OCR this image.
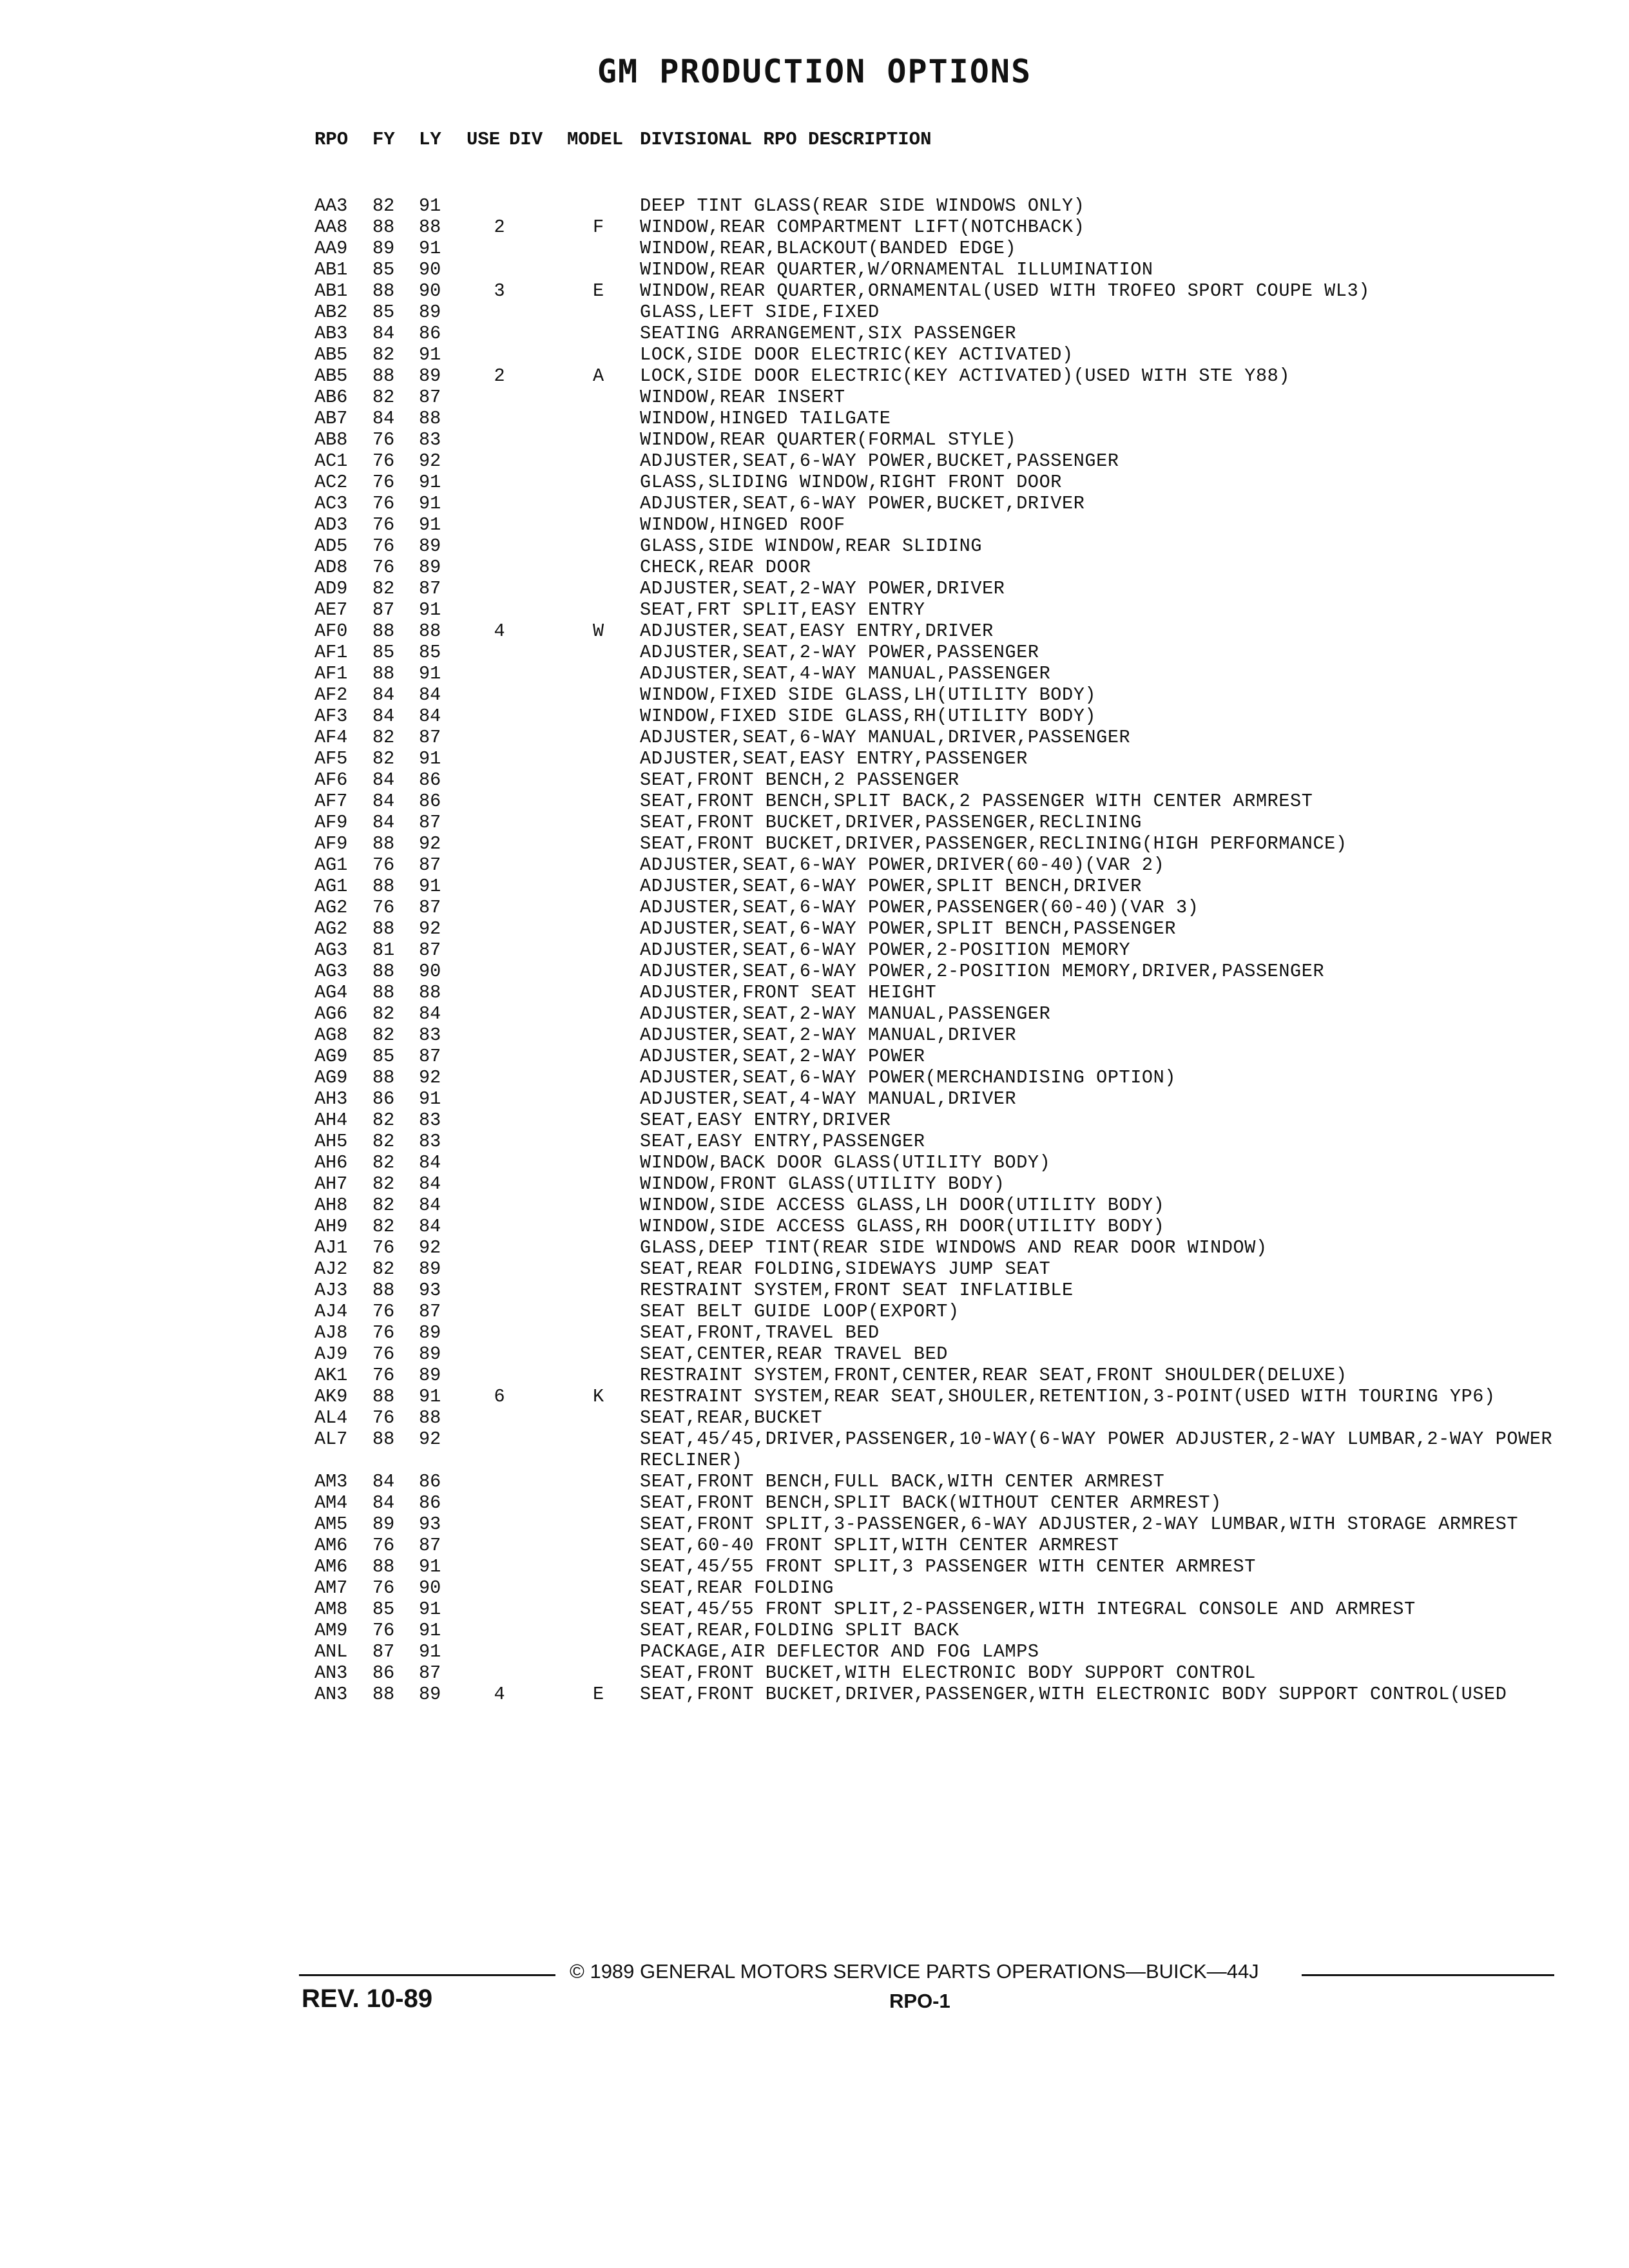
GM PRODUCTION OPTIONS
RPO FY LY USE DIV MODEL DIVISIONAL RPO DESCRIPTION
AA3 82 91	DEEP TINT GLASS(REAR SIDE WINDOWS ONLY)
AA8 88 88	2	F WINDOW,REAR COMPARTMENT LIFT(NOTCHBACK)
AA9 89 91	WINDOW,REAR,BLACKOUT(BANDED EDGE)
AB1 85 90	WINDOW,REAR QUARTER,W/ORNAMENTAL ILLUMINATION
AB1 88 90	3	E WINDOW,REAR QUARTER,ORNAMENTAL(USED WITH TROFEO SPORT COUPE WL3)
AB2 85 89	GLASS,LEFT SIDE,FIXED
AB3 84 86	SEATING ARRANGEMENT,SIX PASSENGER
AB5 82 91	LOCK,SIDE DOOR ELECTRIC(KEY ACTIVATED)
AB5 88 89	2	A LOCK,SIDE DOOR ELECTRIC(KEY ACTIVATED)(USED WITH STE Y88)
AB6 82 87	WINDOW,REAR INSERT
AB7 84 88	WINDOW,HINGED TAILGATE
AB8 76 83	WINDOW,REAR QUARTER(FORMAL STYLE)
AC1 76 92	ADJUSTER,SEAT,6-WAY POWER,BUCKET,PASSENGER
AC2 76 91	GLASS,SLIDING WINDOW,RIGHT FRONT DOOR
AC3 76 91	ADJUSTER,SEAT,6-WAY POWER,BUCKET,DRIVER
AD3 76 91	WINDOW,HINGED ROOF
AD5 76 89	GLASS,SIDE WINDOW,REAR SLIDING
AD8 76 89	CHECK,REAR DOOR
AD9 82 87	ADJUSTER,SEAT,2-WAY POWER,DRIVER
AE7 87 91	SEAT,FRT SPLIT,EASY ENTRY
AF0 88 88	4	W ADJUSTER,SEAT,EASY ENTRY,DRIVER
AF1 85 85	ADJUSTER,SEAT,2-WAY POWER,PASSENGER
AF1 88 91	ADJUSTER,SEAT,4-WAY MANUAL,PASSENGER
AF2 84 84	WINDOW,FIXED SIDE GLASS,LH(UTILITY BODY)
AF3 84 84	WINDOW,FIXED SIDE GLASS,RH(UTILITY BODY)
AF4 82 87	ADJUSTER,SEAT,6-WAY MANUAL,DRIVER,PASSENGER
AF5 82 91	ADJUSTER,SEAT,EASY ENTRY,PASSENGER
AF6 84 86	SEAT,FRONT BENCH,2 PASSENGER
AF7 84 86	SEAT,FRONT BENCH,SPLIT BACK,2 PASSENGER WITH CENTER ARMREST
AF9 84 87	SEAT,FRONT BUCKET,DRIVER,PASSENGER,RECLINING
AF9 88 92	SEAT,FRONT BUCKET,DRIVER,PASSENGER,RECLINING(HIGH PERFORMANCE)
AG1 76 87	ADJUSTER,SEAT,6-WAY POWER,DRIVER(60-40)(VAR 2)
AG1 88 91	ADJUSTER,SEAT,6-WAY POWER,SPLIT BENCH,DRIVER
AG2 76 87	ADJUSTER,SEAT,6-WAY POWER,PASSENGER(60-40)(VAR 3)
AG2 88 92	ADJUSTER,SEAT,6-WAY POWER,SPLIT BENCH,PASSENGER
AG3 81 87	ADJUSTER,SEAT,6-WAY POWER,2-POSITION MEMORY
AG3 88 90	ADJUSTER,SEAT,6-WAY POWER,2-POSITION MEMORY,DRIVER,PASSENGER
AG4 88 88	ADJUSTER,FRONT SEAT HEIGHT
AG6 82 84	ADJUSTER,SEAT,2-WAY MANUAL,PASSENGER
AG8 82 83	ADJUSTER,SEAT,2-WAY MANUAL,DRIVER
AG9 85 87	ADJUSTER,SEAT,2-WAY POWER
AG9 88 92	ADJUSTER,SEAT,6-WAY POWER(MERCHANDISING OPTION)
AH3 86 91	ADJUSTER,SEAT,4-WAY MANUAL,DRIVER
AH4 82 83	SEAT,EASY ENTRY,DRIVER
AH5 82 83	SEAT,EASY ENTRY,PASSENGER
AH6 82 84	WINDOW,BACK DOOR GLASS(UTILITY BODY)
AH7 82 84	WINDOW,FRONT GLASS(UTILITY BODY)
AH8 82 84	WINDOW,SIDE ACCESS GLASS,LH DOOR(UTILITY BODY)
AH9 82 84	WINDOW,SIDE ACCESS GLASS,RH DOOR(UTILITY BODY)
AJ1 76 92	GLASS,DEEP TINT(REAR SIDE WINDOWS AND REAR DOOR WINDOW)
AJ2 82 89	SEAT,REAR FOLDING,SIDEWAYS JUMP SEAT
AJ3 88 93	RESTRAINT SYSTEM,FRONT SEAT INFLATIBLE
AJ4 76 87	SEAT BELT GUIDE LOOP(EXPORT)
AJ8 76 89	SEAT,FRONT,TRAVEL BED
AJ9 76 89	SEAT,CENTER,REAR TRAVEL BED
AK1 76 89	RESTRAINT SYSTEM,FRONT,CENTER,REAR SEAT,FRONT SHOULDER(DELUXE)
AK9 88 91	6	K RESTRAINT SYSTEM,REAR SEAT,SHOULER,RETENTION,3-POINT(USED WITH TOURING YP6)
AL4 76 88	SEAT,REAR,BUCKET
AL7 88 92	SEAT,45/45,DRIVER,PASSENGER,10-WAY(6-WAY POWER ADJUSTER,2-WAY LUMBAR,2-WAY POWER RECLINER)
AM3 84 86	SEAT,FRONT BENCH,FULL BACK,WITH CENTER ARMREST
AM4 84 86	SEAT,FRONT BENCH,SPLIT BACK(WITHOUT CENTER ARMREST)
AM5 89 93	SEAT,FRONT SPLIT,3-PASSENGER,6-WAY ADJUSTER,2-WAY LUMBAR,WITH STORAGE ARMREST
AM6 76 87	SEAT,60-40 FRONT SPLIT,WITH CENTER ARMREST
AM6 88 91	SEAT,45/55 FRONT SPLIT,3 PASSENGER WITH CENTER ARMREST
AM7 76 90	SEAT,REAR FOLDING
AM8 85 91	SEAT,45/55 FRONT SPLIT,2-PASSENGER,WITH INTEGRAL CONSOLE AND ARMREST
AM9 76 91	SEAT,REAR,FOLDING SPLIT BACK
ANL 87 91	PACKAGE,AIR DEFLECTOR AND FOG LAMPS
AN3 86 87	SEAT,FRONT BUCKET,WITH ELECTRONIC BODY SUPPORT CONTROL
AN3 88 89	4	E SEAT,FRONT BUCKET,DRIVER,PASSENGER,WITH ELECTRONIC BODY SUPPORT CONTROL(USED
© 1989 GENERAL MOTORS SERVICE PARTS OPERATIONS—BUICK—44J
REV. 10-89	RPO-1
